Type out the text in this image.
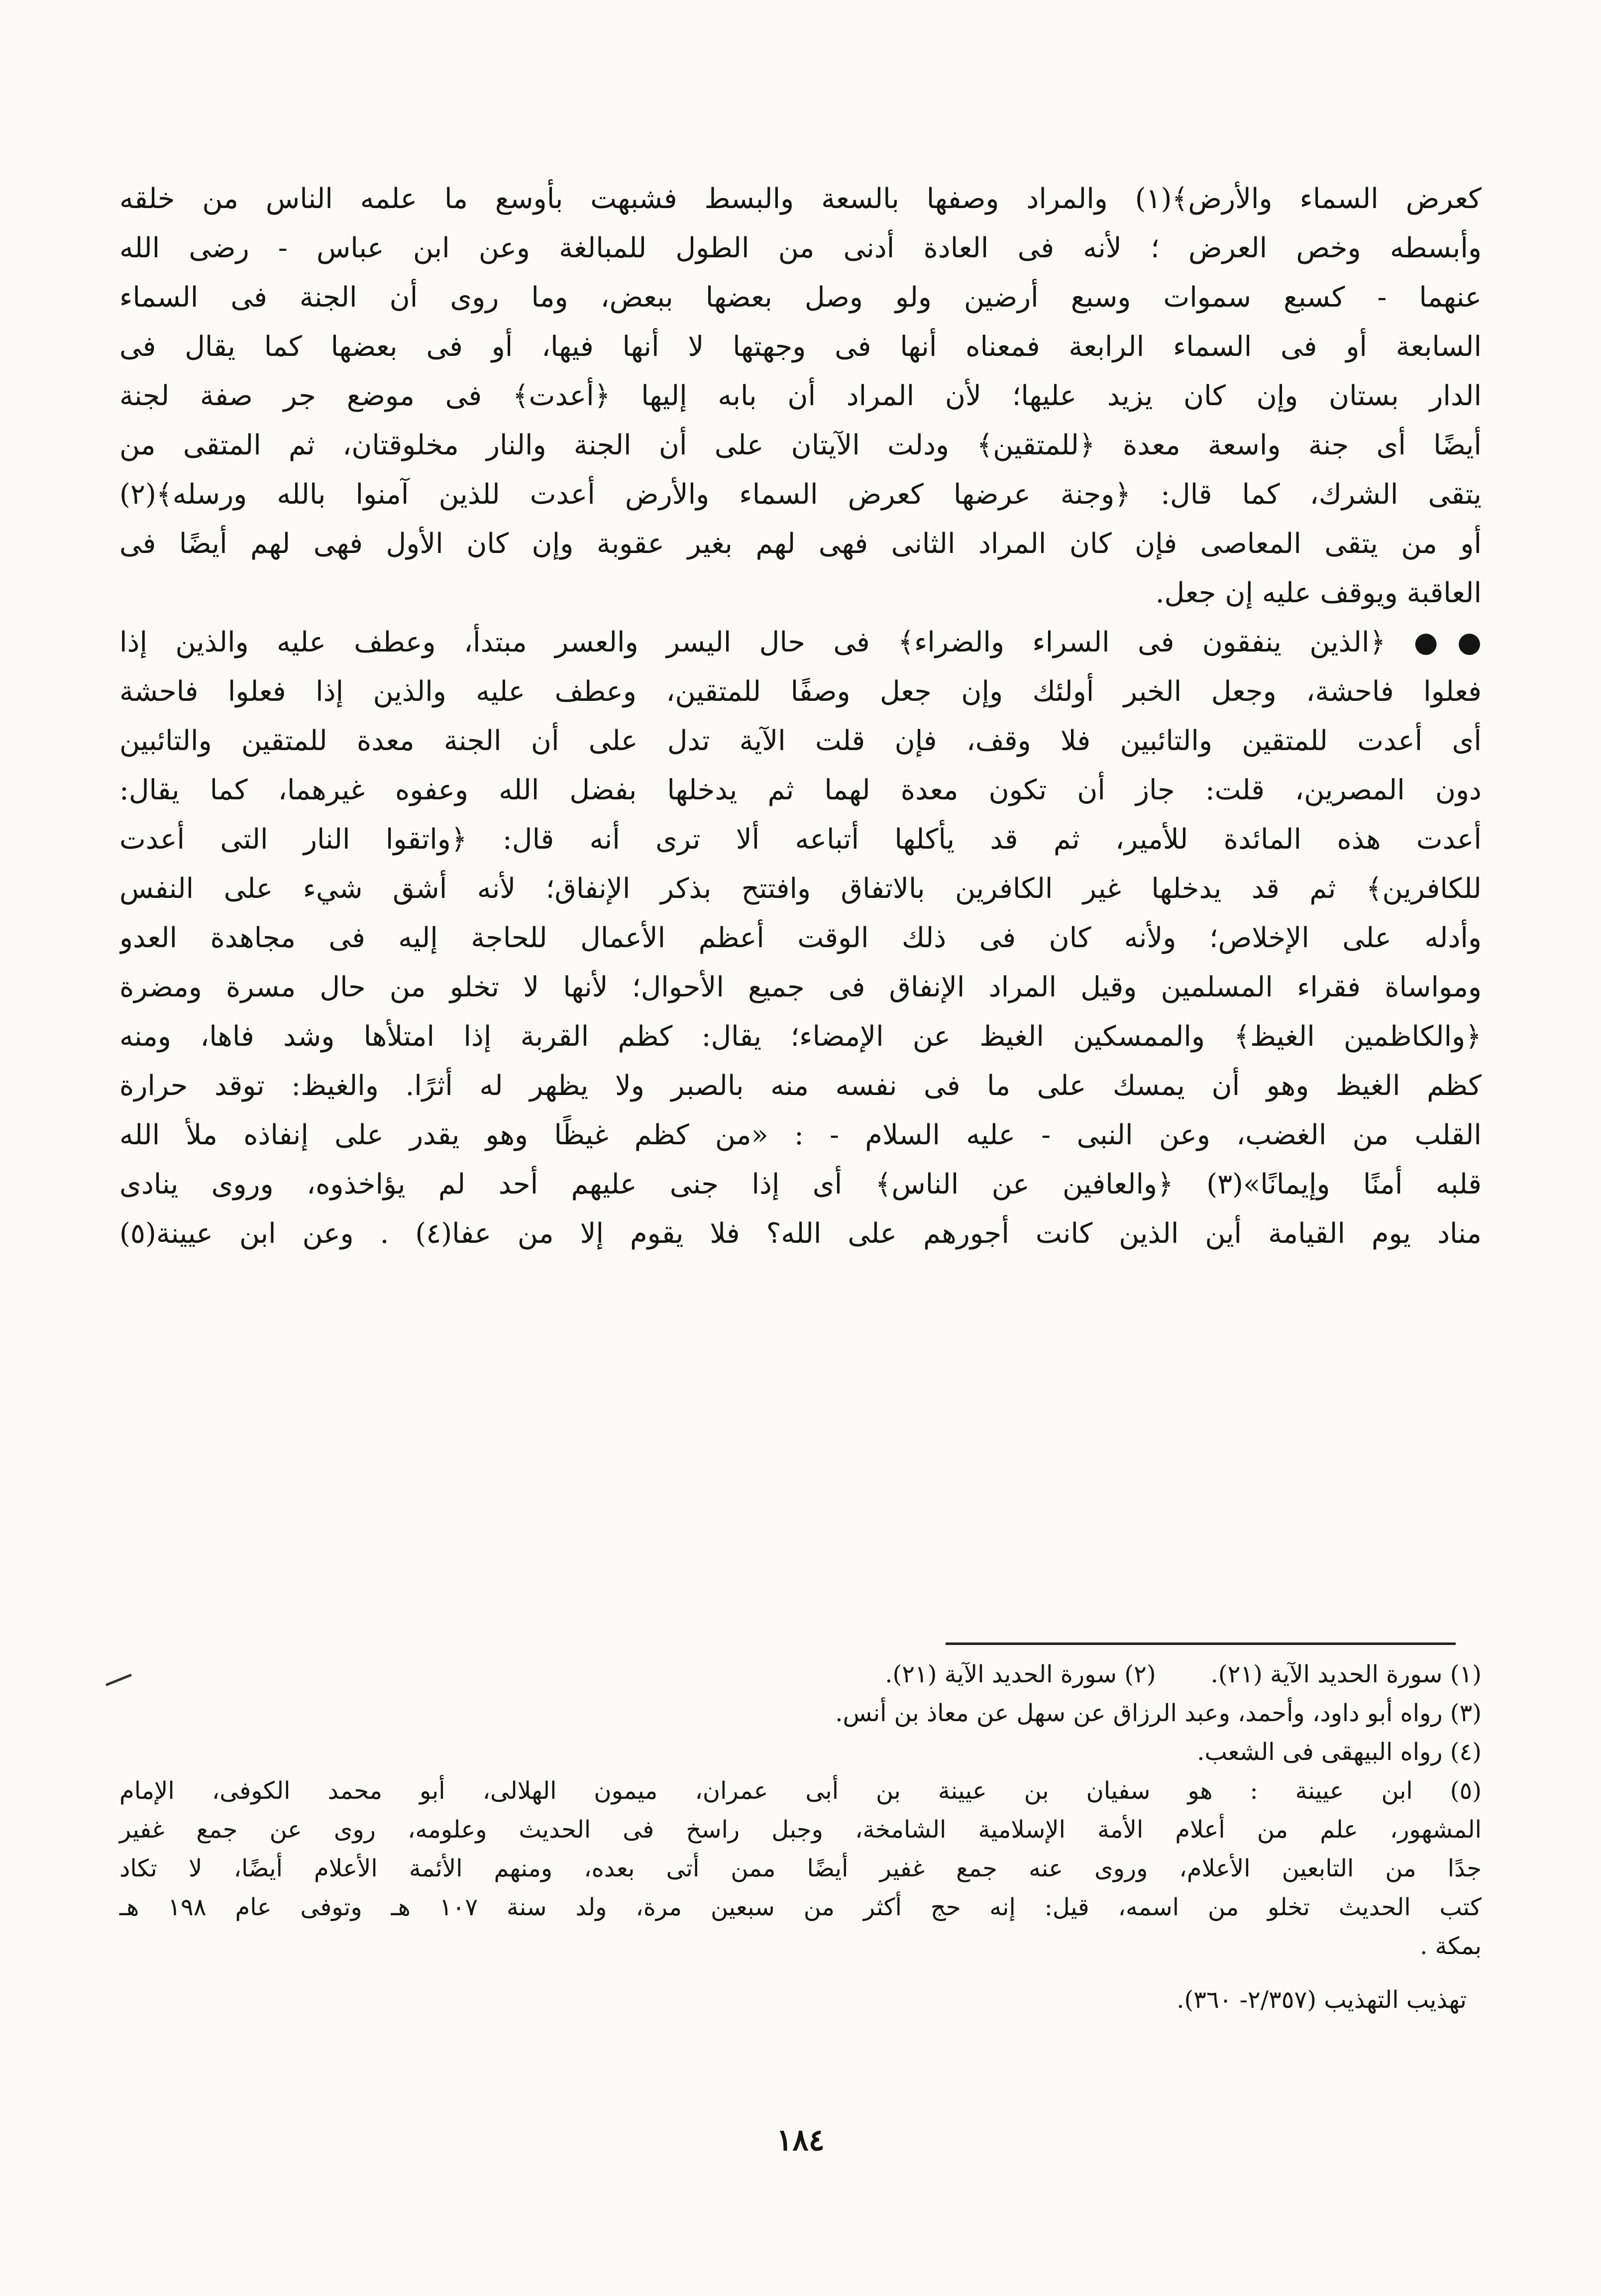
كعرض السماء والأرض﴾(١) والمراد وصفها بالسعة والبسط فشبهت بأوسع ما علمه الناس من خلقه
وأبسطه وخص العرض ؛ لأنه فى العادة أدنى من الطول للمبالغة وعن ابن عباس - رضى الله
عنهما - كسبع سموات وسبع أرضين ولو وصل بعضها ببعض، وما روى أن الجنة فى السماء
السابعة أو فى السماء الرابعة فمعناه أنها فى وجهتها لا أنها فيها، أو فى بعضها كما يقال فى
الدار بستان وإن كان يزيد عليها؛ لأن المراد أن بابه إليها ﴿أعدت﴾ فى موضع جر صفة لجنة
أيضًا أى جنة واسعة معدة ﴿للمتقين﴾ ودلت الآيتان على أن الجنة والنار مخلوقتان، ثم المتقى من
يتقى الشرك، كما قال: ﴿وجنة عرضها كعرض السماء والأرض أعدت للذين آمنوا بالله ورسله﴾(٢)
أو من يتقى المعاصى فإن كان المراد الثانى فهى لهم بغير عقوبة وإن كان الأول فهى لهم أيضًا فى
العاقبة ويوقف عليه إن جعل.
●● ﴿الذين ينفقون فى السراء والضراء﴾ فى حال اليسر والعسر مبتدأ، وعطف عليه والذين إذا
فعلوا فاحشة، وجعل الخبر أولئك وإن جعل وصفًا للمتقين، وعطف عليه والذين إذا فعلوا فاحشة
أى أعدت للمتقين والتائبين فلا وقف، فإن قلت الآية تدل على أن الجنة معدة للمتقين والتائبين
دون المصرين، قلت: جاز أن تكون معدة لهما ثم يدخلها بفضل الله وعفوه غيرهما، كما يقال:
أعدت هذه المائدة للأمير، ثم قد يأكلها أتباعه ألا ترى أنه قال: ﴿واتقوا النار التى أعدت
للكافرين﴾ ثم قد يدخلها غير الكافرين بالاتفاق وافتتح بذكر الإنفاق؛ لأنه أشق شيء على النفس
وأدله على الإخلاص؛ ولأنه كان فى ذلك الوقت أعظم الأعمال للحاجة إليه فى مجاهدة العدو
ومواساة فقراء المسلمين وقيل المراد الإنفاق فى جميع الأحوال؛ لأنها لا تخلو من حال مسرة ومضرة
﴿والكاظمين الغيظ﴾ والممسكين الغيظ عن الإمضاء؛ يقال: كظم القربة إذا امتلأها وشد فاها، ومنه
كظم الغيظ وهو أن يمسك على ما فى نفسه منه بالصبر ولا يظهر له أثرًا. والغيظ: توقد حرارة
القلب من الغضب، وعن النبى - عليه السلام - : «من كظم غيظًا وهو يقدر على إنفاذه ملأ الله
قلبه أمنًا وإيمانًا»(٣) ﴿والعافين عن الناس﴾ أى إذا جنى عليهم أحد لم يؤاخذوه، وروى ينادى
مناد يوم القيامة أين الذين كانت أجورهم على الله؟ فلا يقوم إلا من عفا(٤) . وعن ابن عيينة(٥)
(١) سورة الحديد الآية (٢١).(٢) سورة الحديد الآية (٢١).
(٣) رواه أبو داود، وأحمد، وعبد الرزاق عن سهل عن معاذ بن أنس.
(٤) رواه البيهقى فى الشعب.
(٥) ابن عيينة : هو سفيان بن عيينة بن أبى عمران، ميمون الهلالى، أبو محمد الكوفى، الإمام
المشهور، علم من أعلام الأمة الإسلامية الشامخة، وجبل راسخ فى الحديث وعلومه، روى عن جمع غفير
جدًا من التابعين الأعلام، وروى عنه جمع غفير أيضًا ممن أتى بعده، ومنهم الأئمة الأعلام أيضًا، لا تكاد
كتب الحديث تخلو من اسمه، قيل: إنه حج أكثر من سبعين مرة، ولد سنة ١٠٧ هـ وتوفى عام ١٩٨ هـ
بمكة .
تهذيب التهذيب (٢/٣٥٧- ٣٦٠).
١٨٤
